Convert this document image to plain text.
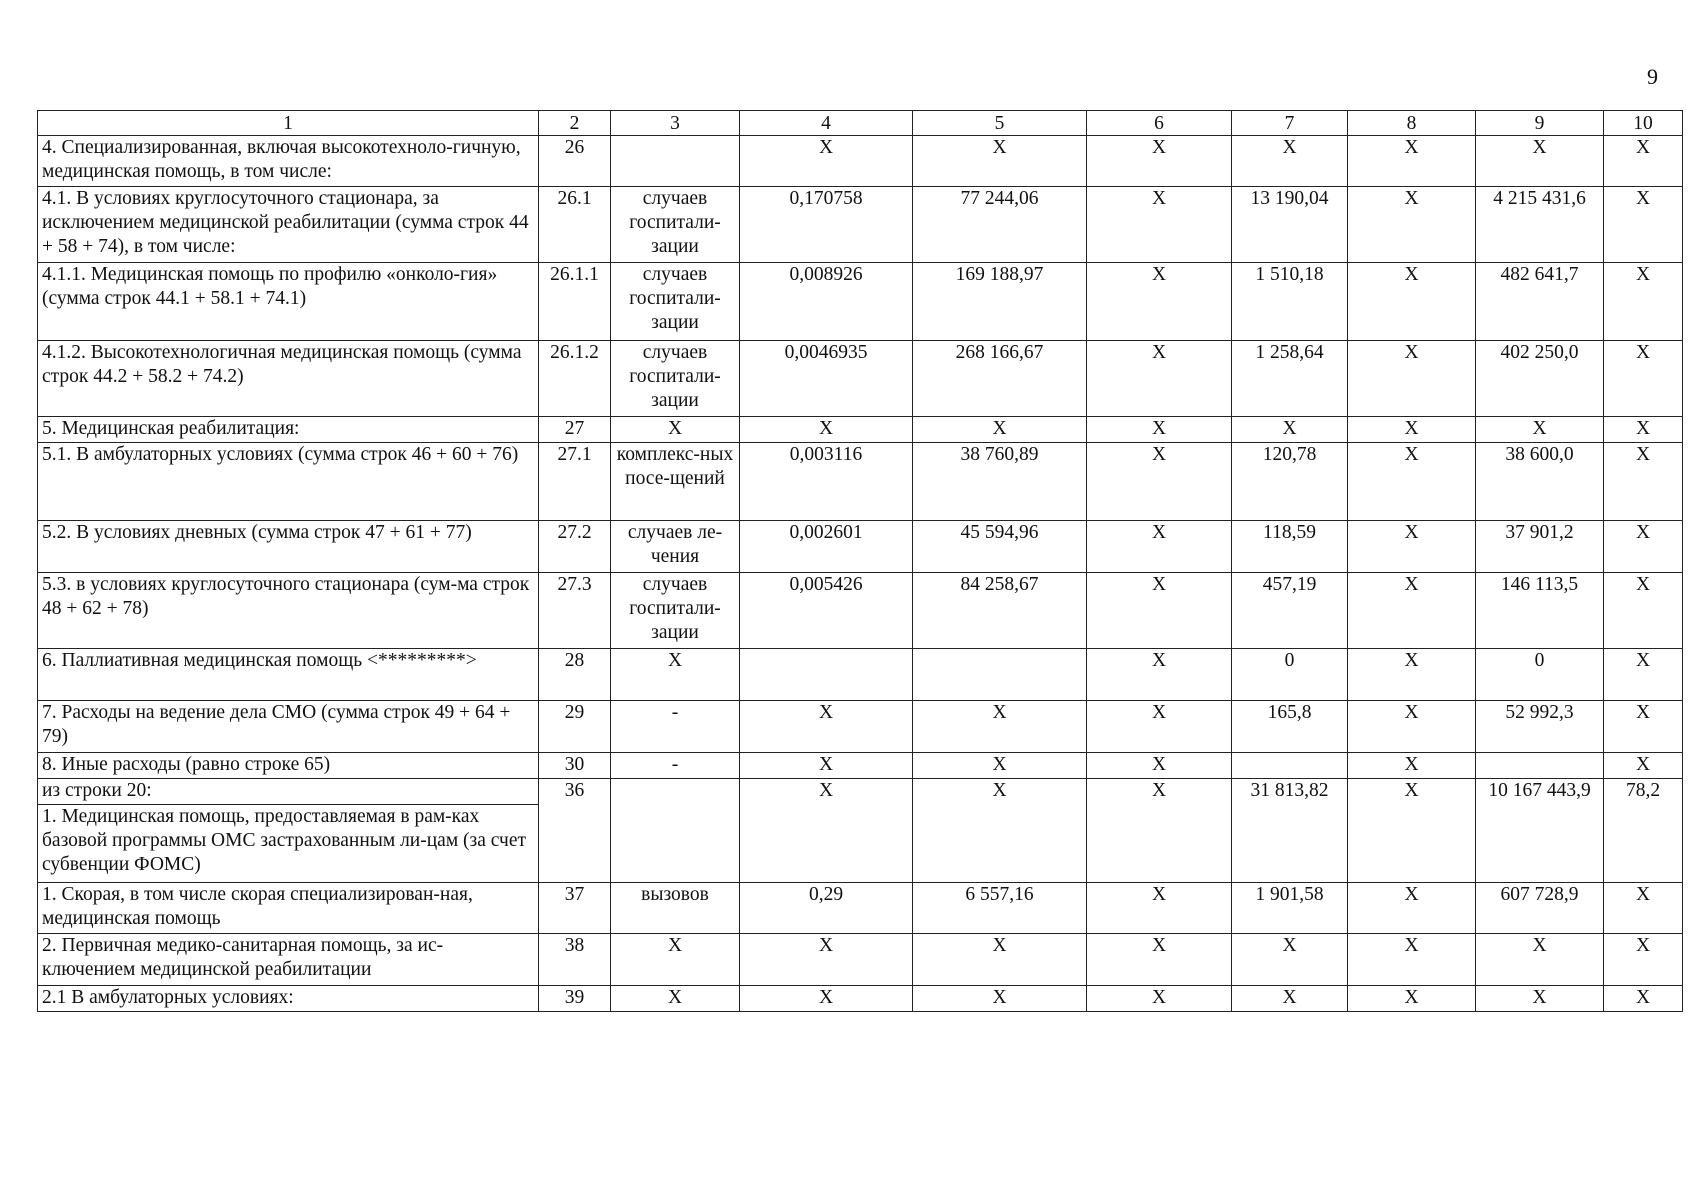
9
1	2	3	4	5	6	7	8	9	10
4. Специализированная, включая высокотехноло-гичную, медицинская помощь, в том числе:	26		X	X	X	X	X	X	X
4.1. В условиях круглосуточного стационара, за исключением медицинской реабилитации (сумма строк 44 + 58 + 74), в том числе:	26.1	случаев госпитали-зации	0,170758	77 244,06	X	13 190,04	X	4 215 431,6	X
4.1.1. Медицинская помощь по профилю «онколо-гия» (сумма строк 44.1 + 58.1 + 74.1)	26.1.1	случаев госпитали-зации	0,008926	169 188,97	X	1 510,18	X	482 641,7	X
4.1.2. Высокотехнологичная медицинская помощь (сумма строк 44.2 + 58.2 + 74.2)	26.1.2	случаев госпитали-зации	0,0046935	268 166,67	X	1 258,64	X	402 250,0	X
5. Медицинская реабилитация:	27	X	X	X	X	X	X	X	X
5.1. В амбулаторных условиях (сумма строк 46 + 60 + 76)	27.1	комплекс-ных посе-щений	0,003116	38 760,89	X	120,78	X	38 600,0	X
5.2. В условиях дневных (сумма строк 47 + 61 + 77)	27.2	случаев ле-чения	0,002601	45 594,96	X	118,59	X	37 901,2	X
5.3. в условиях круглосуточного стационара (сум-ма строк 48 + 62 + 78)	27.3	случаев госпитали-зации	0,005426	84 258,67	X	457,19	X	146 113,5	X
6. Паллиативная медицинская помощь <*********>	28	X			X	0	X	0	X
7. Расходы на ведение дела СМО (сумма строк 49 + 64 + 79)	29	-	X	X	X	165,8	X	52 992,3	X
8. Иные расходы (равно строке 65)	30	-	X	X	X		X		X
из строки 20:	36		X	X	X	31 813,82	X	10 167 443,9	78,2
1. Медицинская помощь, предоставляемая в рам-ках базовой программы ОМС застрахованным ли-цам (за счет субвенции ФОМС)									
1. Скорая, в том числе скорая специализирован-ная, медицинская помощь	37	вызовов	0,29	6 557,16	X	1 901,58	X	607 728,9	X
2. Первичная медико-санитарная помощь, за ис-ключением медицинской реабилитации	38	X	X	X	X	X	X	X	X
2.1 В амбулаторных условиях:	39	X	X	X	X	X	X	X	X
